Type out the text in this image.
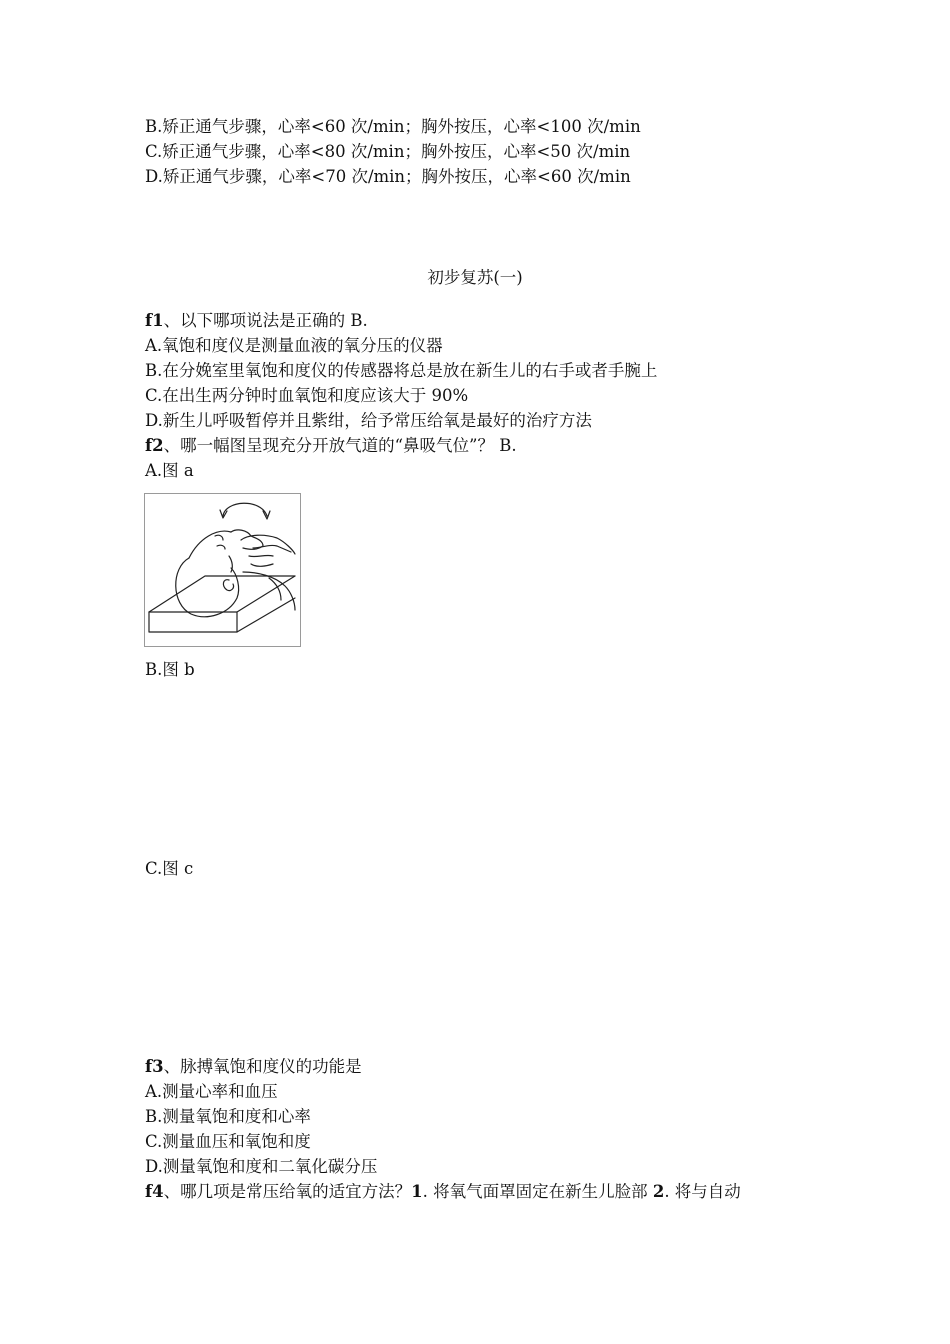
B.矫正通气步骤，心率<60 次/min；胸外按压，心率<100 次/min
C.矫正通气步骤，心率<80 次/min；胸外按压，心率<50 次/min
D.矫正通气步骤，心率<70 次/min；胸外按压，心率<60 次/min
初步复苏(一)
f1、以下哪项说法是正确的 B.
A.氧饱和度仪是测量血液的氧分压的仪器
B.在分娩室里氧饱和度仪的传感器将总是放在新生儿的右手或者手腕上
C.在出生两分钟时血氧饱和度应该大于 90%
D.新生儿呼吸暂停并且紫绀，给予常压给氧是最好的治疗方法
f2、哪一幅图呈现充分开放气道的“鼻吸气位”？ B.
A.图 a
B.图 b
C.图 c
f3、脉搏氧饱和度仪的功能是
A.测量心率和血压
B.测量氧饱和度和心率
C.测量血压和氧饱和度
D.测量氧饱和度和二氧化碳分压
f4、哪几项是常压给氧的适宜方法？1. 将氧气面罩固定在新生儿脸部 2. 将与自动
